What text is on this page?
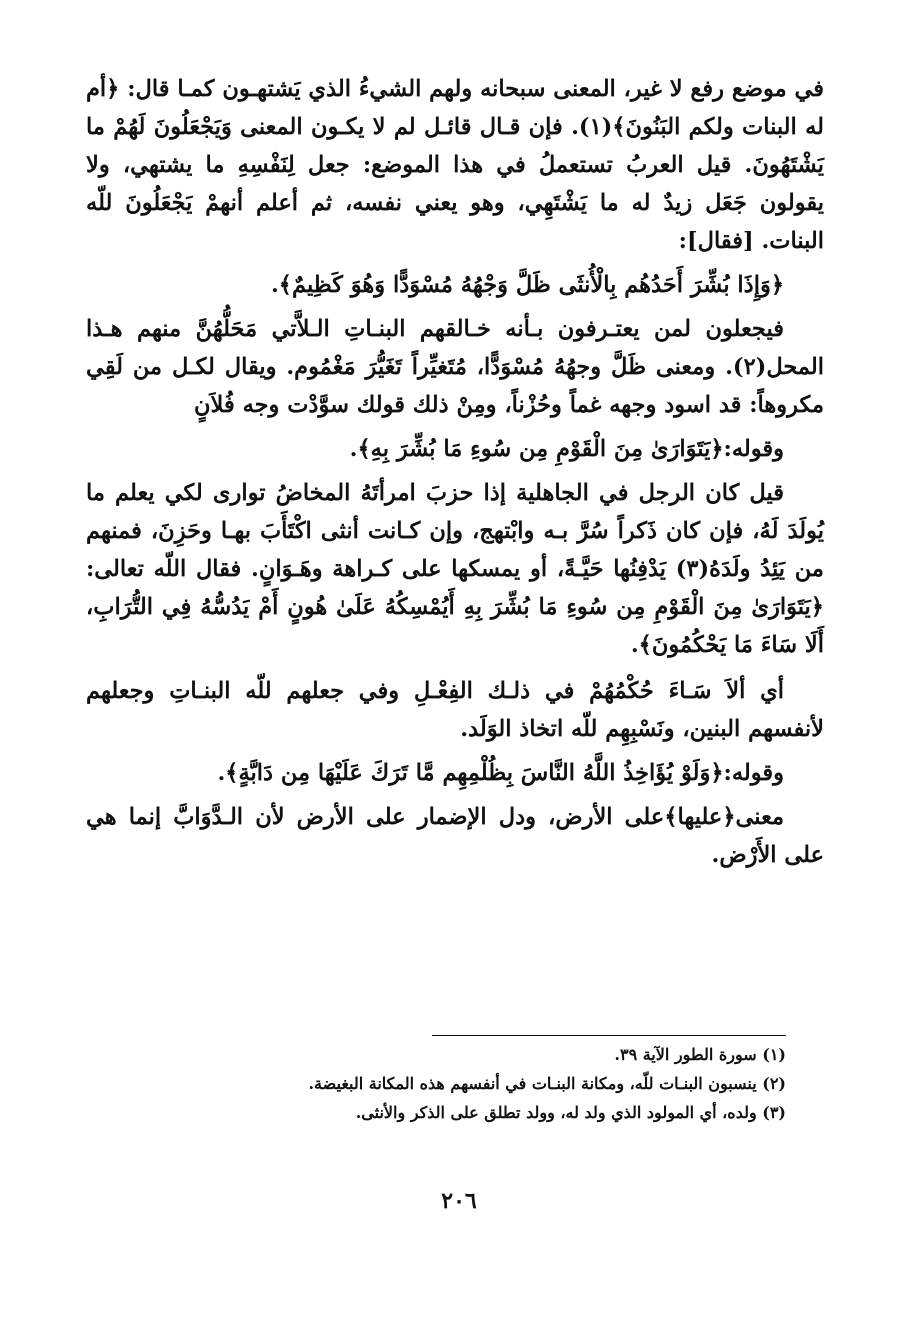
في موضع رفع لا غير، المعنى سبحانه ولهم الشيءُ الذي يَشتهـون كمـا قال: ﴿أم له البنات ولكم البَنُونَ﴾(١). فإن قـال قائـل لم لا يكـون المعنى وَيَجْعَلُونَ لَهُمْ ما يَشْتَهُونَ. قيل العربُ تستعملُ في هذا الموضع: جعل لِنَفْسِهِ ما يشتهي، ولا يقولون جَعَل زيدٌ له ما يَشْتَهِي، وهو يعني نفسه، ثم أعلم أنهمْ يَجْعَلُونَ للّه البنات. [فقال]:

﴿وَإِذَا بُشِّرَ أَحَدُهُم بِالْأُنثَى ظَلَّ وَجْهُهُ مُسْوَدًّا وَهُوَ كَظِيمٌ﴾.

فيجعلون لمن يعتـرفون بـأنه خـالقهم البنـاتِ الـلاَّتي مَحَلُّهُنَّ منهم هـذا المحل(٢). ومعنى ظَلَّ وجهُهُ مُسْوَدًّا، مُتَغيِّراً تَغَيُّرَ مَغْمُوم. ويقال لكـل من لَقِي مكروهاً: قد اسود وجهه غماً وحُزْناً، ومِنْ ذلك قولك سوَّدْت وجه فُلاَنٍ

وقوله:﴿يَتَوَارَىٰ مِنَ الْقَوْمِ مِن سُوءِ مَا بُشِّرَ بِهِ﴾.

قيل كان الرجل في الجاهلية إذا حزبَ امرأتَهُ المخاضُ توارى لكي يعلم ما يُولَدَ لَهُ، فإن كان ذَكراً سُرَّ بـه وابْتهج، وإن كـانت أنثى اكْتَأَبَ بهـا وحَزِنَ، فمنهم من يَئِدُ ولَدَهُ(٣) يَدْفِنُها حَيَّـةً، أو يمسكها على كـراهة وهَـوَانٍ. فقال اللّه تعالى: ﴿يَتَوَارَىٰ مِنَ الْقَوْمِ مِن سُوءِ مَا بُشِّرَ بِهِ أَيُمْسِكُهُ عَلَىٰ هُونٍ أَمْ يَدُسُّهُ فِي التُّرَابِ، أَلَا سَاءَ مَا يَحْكُمُونَ﴾.

أي ألاَ سَـاءَ حُكْمُهُمْ في ذلـك الفِعْـلِ وفي جعلهم للّه البنـاتِ وجعلهم لأنفسهم البنين، ونَسْبِهِم للّه اتخاذ الوَلَد.

وقوله:﴿وَلَوْ يُؤَاخِذُ اللَّهُ النَّاسَ بِظُلْمِهِم مَّا تَرَكَ عَلَيْهَا مِن دَابَّةٍ﴾.

معنى﴿عليها﴾على الأرض، ودل الإضمار على الأرض لأن الـدَّوَابَّ إنما هي على الأَرْض.

(١) سورة الطور الآية ٣٩.

(٢) ينسبون البنـات للّه، ومكانة البنـات في أنفسهم هذه المكانة البغيضة.

(٣) ولده، أي المولود الذي ولد له، وولد تطلق على الذكر والأنثى.

٢٠٦
